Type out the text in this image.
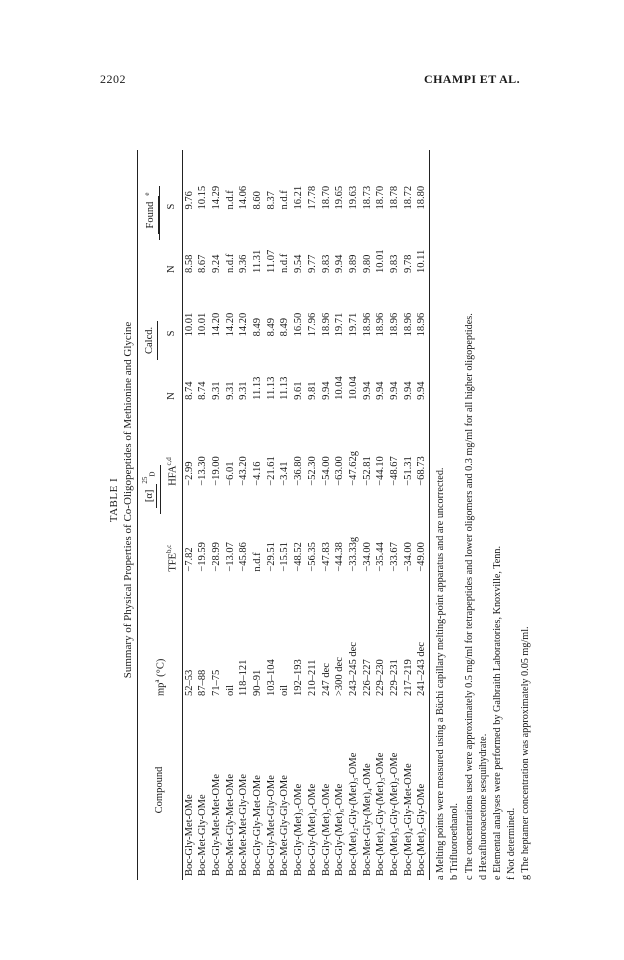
2202	CHAMPI ET AL.
TABLE I Summary of Physical Properties of Co-Oligopeptides of Methionine and Glycine
Compound	$mp^a$ (°C)	$[\alpha]^{25}_D$		Calcd.		Found$^e$
		TFE$^{b,c}$	HFA$^{c,d}$	N	S	N	S
Boc-Gly-Met-OMe	52–53	−7.82	−2.99	8.74	10.01	8.58	9.76
Boc-Met-Gly-OMe	87–88	−19.59	−13.30	8.74	10.01	8.67	10.15
Boc-Gly-Met-Met-OMe	71–75	−28.99	−19.00	9.31	14.20	9.24	14.29
Boc-Met-Gly-Met-OMe	oil	−13.07	−6.01	9.31	14.20	n.d.f	n.d.f
Boc-Met-Met-Gly-OMe	118–121	−45.86	−43.20	9.31	14.20	9.36	14.06
Boc-Gly-Gly-Met-OMe	90–91	n.d.f	−4.16	11.13	8.49	11.31	8.60
Boc-Gly-Met-Gly-OMe	103–104	−29.51	−21.61	11.13	8.49	11.07	8.37
Boc-Met-Gly-Gly-OMe	oil	−15.51	−3.41	11.13	8.49	n.d.f	n.d.f
Boc-Gly-(Met)₃-OMe	192–193	−48.52	−36.80	9.61	16.50	9.54	16.21
Boc-Gly-(Met)₄-OMe	210–211	−56.35	−52.30	9.81	17.96	9.77	17.78
Boc-Gly-(Met)₅-OMe	247 dec	−47.83	−54.00	9.94	18.96	9.83	18.70
Boc-Gly-(Met)₆-OMe	>300 dec	−44.38	−63.00	10.04	19.71	9.94	19.65
Boc-(Met)₂-Gly-(Met)₃-OMe	243–245 dec	−33.33g	−47.62g	10.04	19.71	9.89	19.63
Boc-Met-Gly-(Met)₄-OMe	226–227	−34.00	−52.81	9.94	18.96	9.80	18.73
Boc-(Met)₂-Gly-(Met)₃-OMe	229–230	−35.44	−44.10	9.94	18.96	10.01	18.70
Boc-(Met)₃-Gly-(Met)₂-OMe	229–231	−33.67	−48.67	9.94	18.96	9.83	18.78
Boc-(Met)₄-Gly-Met-OMe	217–219	−34.00	−51.31	9.94	18.96	9.78	18.72
Boc-(Met)₅-Gly-OMe	241–243 dec	−49.00	−68.73	9.94	18.96	10.11	18.80
a Melting points were measured using a Büchi capillary melting-point apparatus and are uncorrected. b Trifluoroethanol. c The concentrations used were approximately 0.5 mg/ml for tetrapeptides and lower oligomers and 0.3 mg/ml for all higher oligopeptides. d Hexafluoroacetone sesquihydrate. e Elemental analyses were performed by Galbraith Laboratories, Knoxville, Tenn. f Not determined. g The heptamer concentration was approximately 0.05 mg/ml.
